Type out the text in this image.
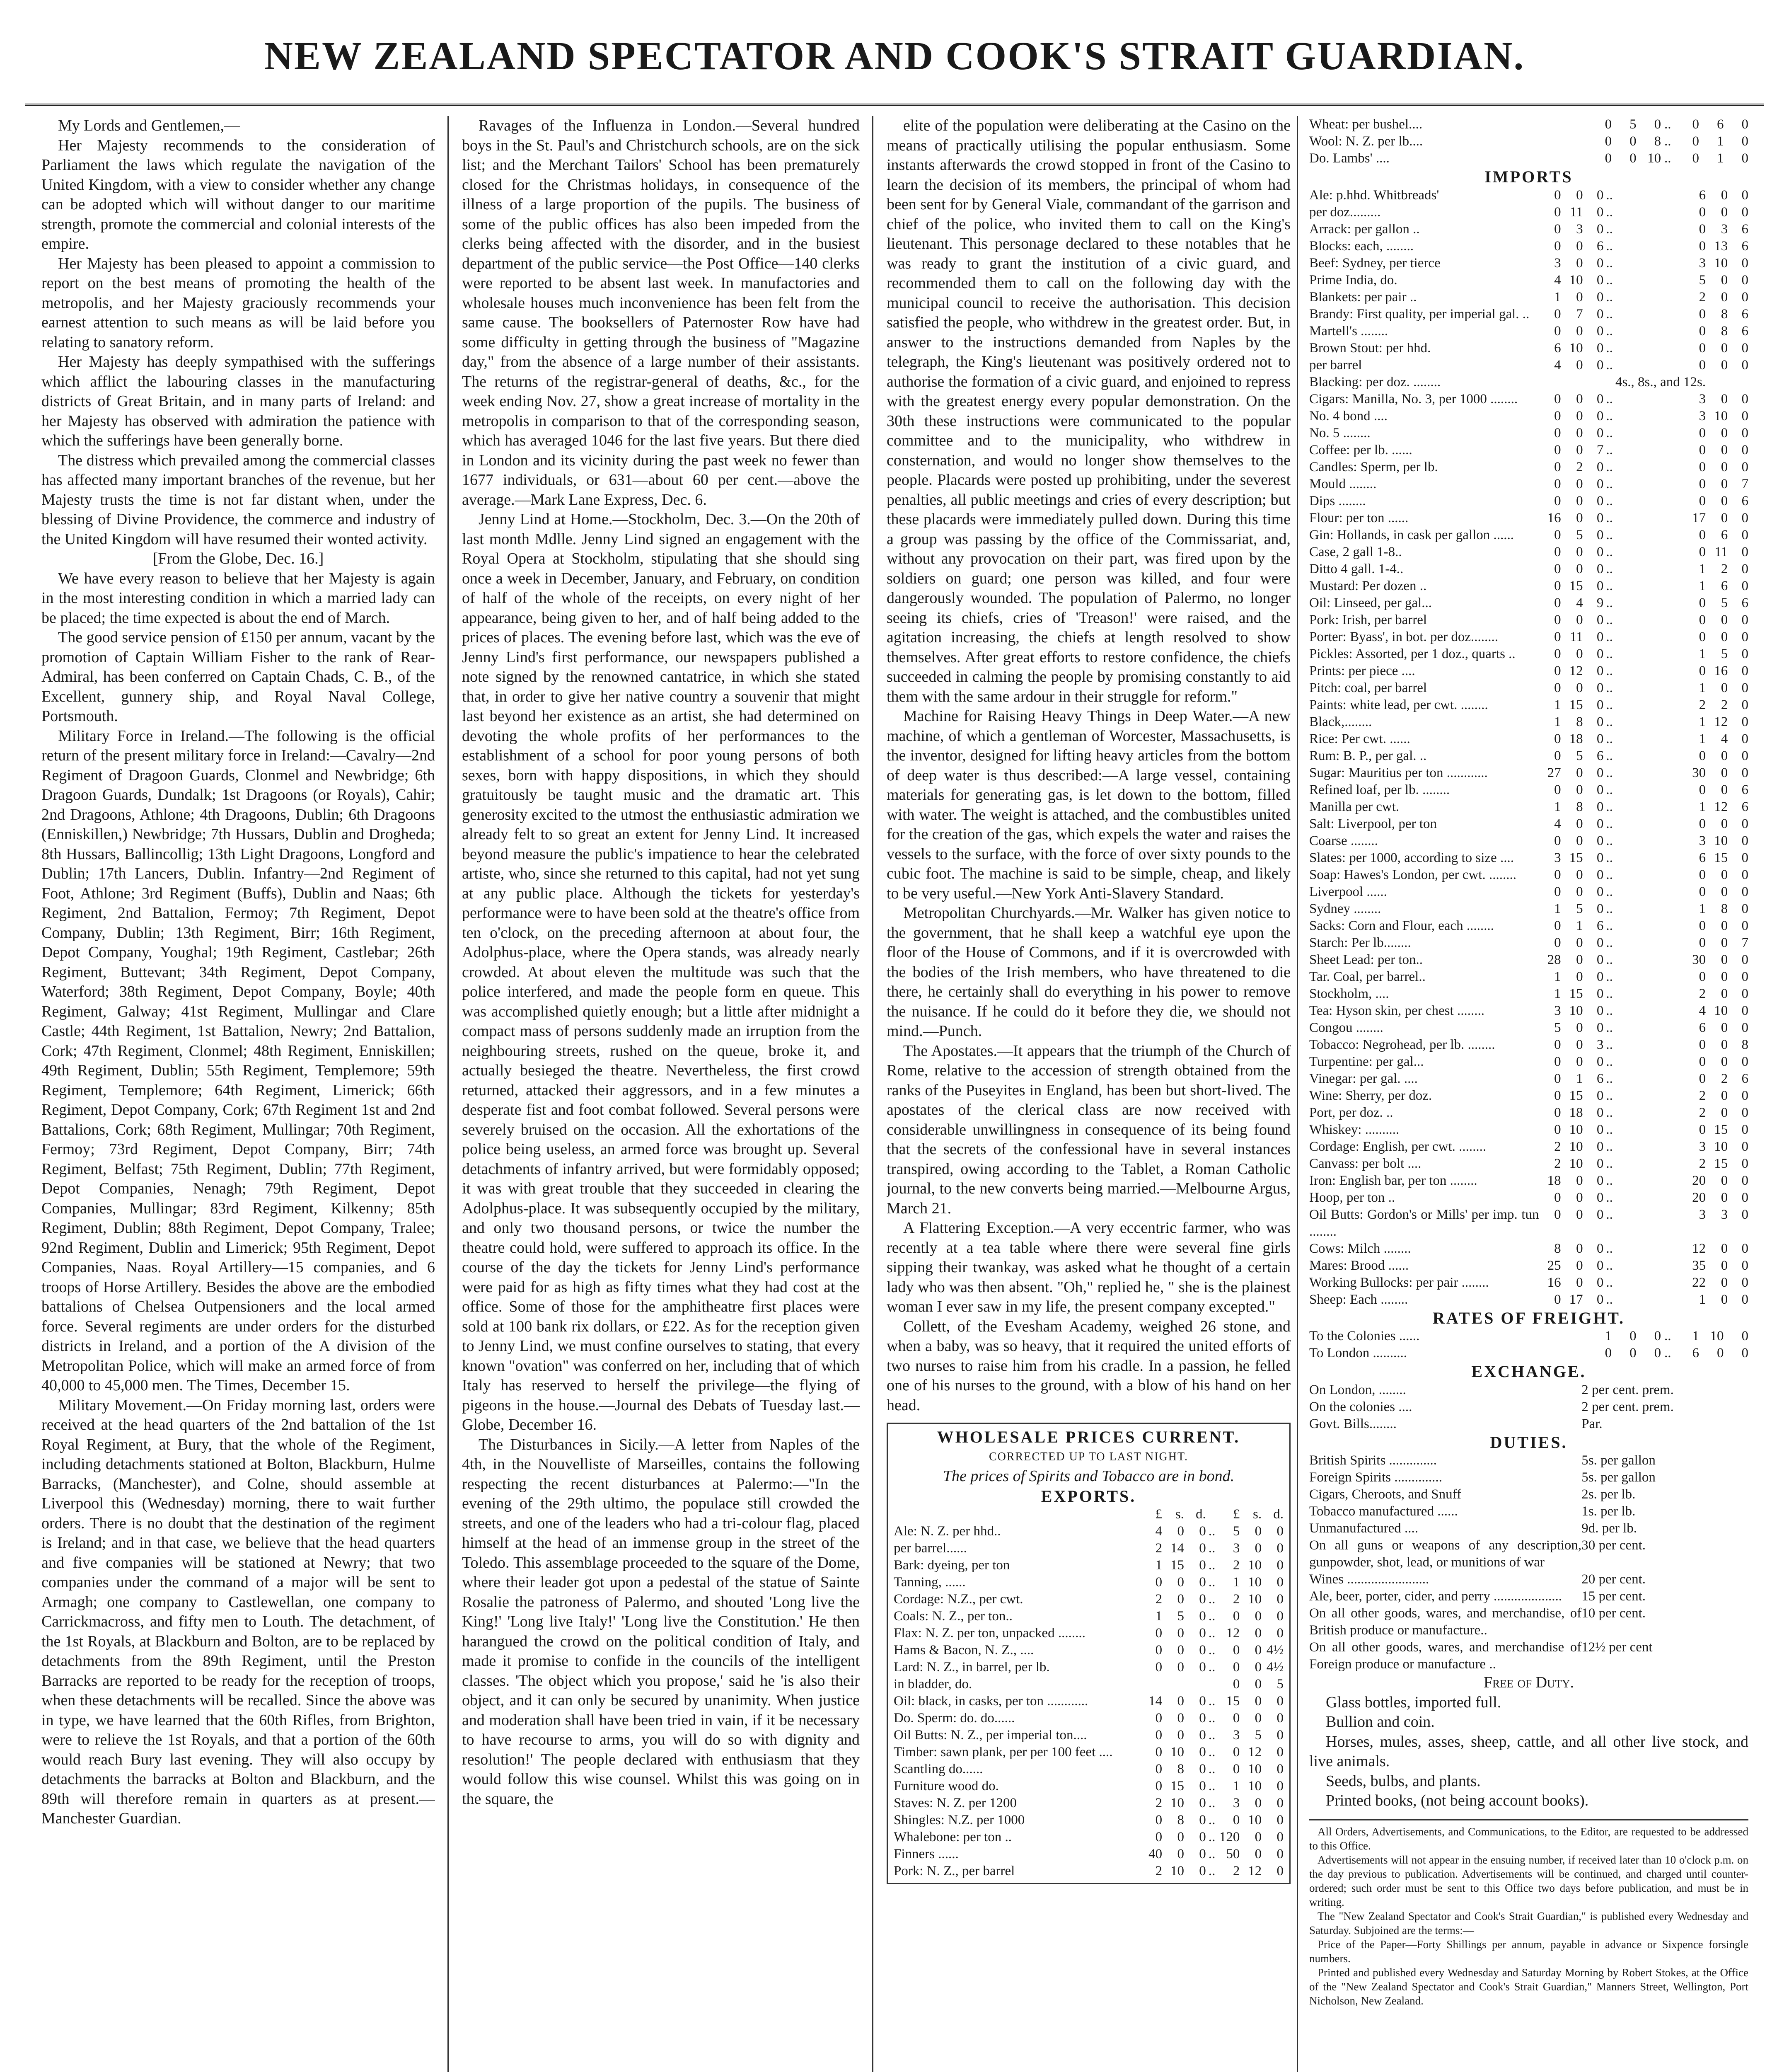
NEW ZEALAND SPECTATOR AND COOK'S STRAIT GUARDIAN.

My Lords and Gentlemen,—

Her Majesty recommends to the consideration of Parliament the laws which regulate the navigation of the United Kingdom, with a view to consider whether any change can be adopted which will without danger to our maritime strength, promote the commercial and colonial interests of the empire.

Her Majesty has been pleased to appoint a commission to report on the best means of promoting the health of the metropolis, and her Majesty graciously recommends your earnest attention to such means as will be laid before you relating to sanatory reform.

Her Majesty has deeply sympathised with the sufferings which afflict the labouring classes in the manufacturing districts of Great Britain, and in many parts of Ireland: and her Majesty has observed with admiration the patience with which the sufferings have been generally borne.

The distress which prevailed among the commercial classes has affected many important branches of the revenue, but her Majesty trusts the time is not far distant when, under the blessing of Divine Providence, the commerce and industry of the United Kingdom will have resumed their wonted activity.

[From the Globe, Dec. 16.]

We have every reason to believe that her Majesty is again in the most interesting condition in which a married lady can be placed; the time expected is about the end of March.

The good service pension of £150 per annum, vacant by the promotion of Captain William Fisher to the rank of Rear-Admiral, has been conferred on Captain Chads, C. B., of the Excellent, gunnery ship, and Royal Naval College, Portsmouth.

Military Force in Ireland.—The following is the official return of the present military force in Ireland:—Cavalry—2nd Regiment of Dragoon Guards, Clonmel and Newbridge; 6th Dragoon Guards, Dundalk; 1st Dragoons (or Royals), Cahir; 2nd Dragoons, Athlone; 4th Dragoons, Dublin; 6th Dragoons (Enniskillen,) Newbridge; 7th Hussars, Dublin and Drogheda; 8th Hussars, Ballincollig; 13th Light Dragoons, Longford and Dublin; 17th Lancers, Dublin. Infantry—2nd Regiment of Foot, Athlone; 3rd Regiment (Buffs), Dublin and Naas; 6th Regiment, 2nd Battalion, Fermoy; 7th Regiment, Depot Company, Dublin; 13th Regiment, Birr; 16th Regiment, Depot Company, Youghal; 19th Regiment, Castlebar; 26th Regiment, Buttevant; 34th Regiment, Depot Company, Waterford; 38th Regiment, Depot Company, Boyle; 40th Regiment, Galway; 41st Regiment, Mullingar and Clare Castle; 44th Regiment, 1st Battalion, Newry; 2nd Battalion, Cork; 47th Regiment, Clonmel; 48th Regiment, Enniskillen; 49th Regiment, Dublin; 55th Regiment, Templemore; 59th Regiment, Templemore; 64th Regiment, Limerick; 66th Regiment, Depot Company, Cork; 67th Regiment 1st and 2nd Battalions, Cork; 68th Regiment, Mullingar; 70th Regiment, Fermoy; 73rd Regiment, Depot Company, Birr; 74th Regiment, Belfast; 75th Regiment, Dublin; 77th Regiment, Depot Companies, Nenagh; 79th Regiment, Depot Companies, Mullingar; 83rd Regiment, Kilkenny; 85th Regiment, Dublin; 88th Regiment, Depot Company, Tralee; 92nd Regiment, Dublin and Limerick; 95th Regiment, Depot Companies, Naas. Royal Artillery—15 companies, and 6 troops of Horse Artillery. Besides the above are the embodied battalions of Chelsea Outpensioners and the local armed force. Several regiments are under orders for the disturbed districts in Ireland, and a portion of the A division of the Metropolitan Police, which will make an armed force of from 40,000 to 45,000 men. The Times, December 15.

Military Movement.—On Friday morning last, orders were received at the head quarters of the 2nd battalion of the 1st Royal Regiment, at Bury, that the whole of the Regiment, including detachments stationed at Bolton, Blackburn, Hulme Barracks, (Manchester), and Colne, should assemble at Liverpool this (Wednesday) morning, there to wait further orders. There is no doubt that the destination of the regiment is Ireland; and in that case, we believe that the head quarters and five companies will be stationed at Newry; that two companies under the command of a major will be sent to Armagh; one company to Castlewellan, one company to Carrickmacross, and fifty men to Louth. The detachment, of the 1st Royals, at Blackburn and Bolton, are to be replaced by detachments from the 89th Regiment, until the Preston Barracks are reported to be ready for the reception of troops, when these detachments will be recalled. Since the above was in type, we have learned that the 60th Rifles, from Brighton, were to relieve the 1st Royals, and that a portion of the 60th would reach Bury last evening. They will also occupy by detachments the barracks at Bolton and Blackburn, and the 89th will therefore remain in quarters as at present.—Manchester Guardian.

Ravages of the Influenza in London.—Several hundred boys in the St. Paul's and Christchurch schools, are on the sick list; and the Merchant Tailors' School has been prematurely closed for the Christmas holidays, in consequence of the illness of a large proportion of the pupils. The business of some of the public offices has also been impeded from the clerks being affected with the disorder, and in the busiest department of the public service—the Post Office—140 clerks were reported to be absent last week. In manufactories and wholesale houses much inconvenience has been felt from the same cause. The booksellers of Paternoster Row have had some difficulty in getting through the business of "Magazine day," from the absence of a large number of their assistants. The returns of the registrar-general of deaths, &c., for the week ending Nov. 27, show a great increase of mortality in the metropolis in comparison to that of the corresponding season, which has averaged 1046 for the last five years. But there died in London and its vicinity during the past week no fewer than 1677 individuals, or 631—about 60 per cent.—above the average.—Mark Lane Express, Dec. 6.

Jenny Lind at Home.—Stockholm, Dec. 3.—On the 20th of last month Mdlle. Jenny Lind signed an engagement with the Royal Opera at Stockholm, stipulating that she should sing once a week in December, January, and February, on condition of half of the whole of the receipts, on every night of her appearance, being given to her, and of half being added to the prices of places. The evening before last, which was the eve of Jenny Lind's first performance, our newspapers published a note signed by the renowned cantatrice, in which she stated that, in order to give her native country a souvenir that might last beyond her existence as an artist, she had determined on devoting the whole profits of her performances to the establishment of a school for poor young persons of both sexes, born with happy dispositions, in which they should gratuitously be taught music and the dramatic art. This generosity excited to the utmost the enthusiastic admiration we already felt to so great an extent for Jenny Lind. It increased beyond measure the public's impatience to hear the celebrated artiste, who, since she returned to this capital, had not yet sung at any public place. Although the tickets for yesterday's performance were to have been sold at the theatre's office from ten o'clock, on the preceding afternoon at about four, the Adolphus-place, where the Opera stands, was already nearly crowded. At about eleven the multitude was such that the police interfered, and made the people form en queue. This was accomplished quietly enough; but a little after midnight a compact mass of persons suddenly made an irruption from the neighbouring streets, rushed on the queue, broke it, and actually besieged the theatre. Nevertheless, the first crowd returned, attacked their aggressors, and in a few minutes a desperate fist and foot combat followed. Several persons were severely bruised on the occasion. All the exhortations of the police being useless, an armed force was brought up. Several detachments of infantry arrived, but were formidably opposed; it was with great trouble that they succeeded in clearing the Adolphus-place. It was subsequently occupied by the military, and only two thousand persons, or twice the number the theatre could hold, were suffered to approach its office. In the course of the day the tickets for Jenny Lind's performance were paid for as high as fifty times what they had cost at the office. Some of those for the amphitheatre first places were sold at 100 bank rix dollars, or £22. As for the reception given to Jenny Lind, we must confine ourselves to stating, that every known "ovation" was conferred on her, including that of which Italy has reserved to herself the privilege—the flying of pigeons in the house.—Journal des Debats of Tuesday last.—Globe, December 16.

The Disturbances in Sicily.—A letter from Naples of the 4th, in the Nouvelliste of Marseilles, contains the following respecting the recent disturbances at Palermo:—"In the evening of the 29th ultimo, the populace still crowded the streets, and one of the leaders who had a tri-colour flag, placed himself at the head of an immense group in the street of the Toledo. This assemblage proceeded to the square of the Dome, where their leader got upon a pedestal of the statue of Sainte Rosalie the patroness of Palermo, and shouted 'Long live the King!' 'Long live Italy!' 'Long live the Constitution.' He then harangued the crowd on the political condition of Italy, and made it promise to confide in the councils of the intelligent classes. 'The object which you propose,' said he 'is also their object, and it can only be secured by unanimity. When justice and moderation shall have been tried in vain, if it be necessary to have recourse to arms, you will do so with dignity and resolution!' The people declared with enthusiasm that they would follow this wise counsel. Whilst this was going on in the square, the

elite of the population were deliberating at the Casino on the means of practically utilising the popular enthusiasm. Some instants afterwards the crowd stopped in front of the Casino to learn the decision of its members, the principal of whom had been sent for by General Viale, commandant of the garrison and chief of the police, who invited them to call on the King's lieutenant. This personage declared to these notables that he was ready to grant the institution of a civic guard, and recommended them to call on the following day with the municipal council to receive the authorisation. This decision satisfied the people, who withdrew in the greatest order. But, in answer to the instructions demanded from Naples by the telegraph, the King's lieutenant was positively ordered not to authorise the formation of a civic guard, and enjoined to repress with the greatest energy every popular demonstration. On the 30th these instructions were communicated to the popular committee and to the municipality, who withdrew in consternation, and would no longer show themselves to the people. Placards were posted up prohibiting, under the severest penalties, all public meetings and cries of every description; but these placards were immediately pulled down. During this time a group was passing by the office of the Commissariat, and, without any provocation on their part, was fired upon by the soldiers on guard; one person was killed, and four were dangerously wounded. The population of Palermo, no longer seeing its chiefs, cries of 'Treason!' were raised, and the agitation increasing, the chiefs at length resolved to show themselves. After great efforts to restore confidence, the chiefs succeeded in calming the people by promising constantly to aid them with the same ardour in their struggle for reform."

Machine for Raising Heavy Things in Deep Water.—A new machine, of which a gentleman of Worcester, Massachusetts, is the inventor, designed for lifting heavy articles from the bottom of deep water is thus described:—A large vessel, containing materials for generating gas, is let down to the bottom, filled with water. The weight is attached, and the combustibles united for the creation of the gas, which expels the water and raises the vessels to the surface, with the force of over sixty pounds to the cubic foot. The machine is said to be simple, cheap, and likely to be very useful.—New York Anti-Slavery Standard.

Metropolitan Churchyards.—Mr. Walker has given notice to the government, that he shall keep a watchful eye upon the floor of the House of Commons, and if it is overcrowded with the bodies of the Irish members, who have threatened to die there, he certainly shall do everything in his power to remove the nuisance. If he could do it before they die, we should not mind.—Punch.

The Apostates.—It appears that the triumph of the Church of Rome, relative to the accession of strength obtained from the ranks of the Puseyites in England, has been but short-lived. The apostates of the clerical class are now received with considerable unwillingness in consequence of its being found that the secrets of the confessional have in several instances transpired, owing according to the Tablet, a Roman Catholic journal, to the new converts being married.—Melbourne Argus, March 21.

A Flattering Exception.—A very eccentric farmer, who was recently at a tea table where there were several fine girls sipping their twankay, was asked what he thought of a certain lady who was then absent. "Oh," replied he, " she is the plainest woman I ever saw in my life, the present company excepted."

Collett, of the Evesham Academy, weighed 26 stone, and when a baby, was so heavy, that it required the united efforts of two nurses to raise him from his cradle. In a passion, he felled one of his nurses to the ground, with a blow of his hand on her head.

WHOLESALE PRICES CURRENT.

CORRECTED UP TO LAST NIGHT.

The prices of Spirits and Tobacco are in bond.

EXPORTS.

	£	s.	d.		£	s.	d.
Ale: N. Z. per hhd..	4	0	0	..	5	0	0
per barrel......	2	14	0	..	3	0	0
Bark: dyeing, per ton	1	15	0	..	2	10	0
Tanning, ......	0	0	0	..	1	10	0
Cordage: N.Z., per cwt.	2	0	0	..	2	10	0
Coals: N. Z., per ton..	1	5	0	..	0	0	0
Flax: N. Z. per ton, unpacked ........	0	0	0	..	12	0	0
Hams & Bacon, N. Z., ....	0	0	0	..	0	0	4½
Lard: N. Z., in barrel, per lb.	0	0	0	..	0	0	4½
in bladder, do.					0	0	5
Oil: black, in casks, per ton ............	14	0	0	..	15	0	0
Do. Sperm: do. do......	0	0	0	..	0	0	0
Oil Butts: N. Z., per imperial ton....	0	0	0	..	3	5	0
Timber: sawn plank, per per 100 feet ....	0	10	0	..	0	12	0
Scantling do......	0	8	0	..	0	10	0
Furniture wood do.	0	15	0	..	1	10	0
Staves: N. Z. per 1200	2	10	0	..	3	0	0
Shingles: N.Z. per 1000	0	8	0	..	0	10	0
Whalebone: per ton ..	0	0	0	..	120	0	0
Finners ......	40	0	0	..	50	0	0
Pork: N. Z., per barrel	2	10	0	..	2	12	0
Wheat: per bushel....	0	5	0	..	0	6	0
Wool: N. Z. per lb....	0	0	8	..	0	1	0
Do. Lambs' ....	0	0	10	..	0	1	0

IMPORTS

Ale: p.hhd. Whitbreads'	0	0	0	..	6	0	0
per doz.........	0	11	0	..	0	0	0
Arrack: per gallon ..	0	3	0	..	0	3	6
Blocks: each, ........	0	0	6	..	0	13	6
Beef: Sydney, per tierce	3	0	0	..	3	10	0
Prime India, do.	4	10	0	..	5	0	0
Blankets: per pair ..	1	0	0	..	2	0	0
Brandy: First quality, per imperial gal. ..	0	7	0	..	0	8	6
Martell's ........	0	0	0	..	0	8	6
Brown Stout: per hhd.	6	10	0	..	0	0	0
per barrel	4	0	0	..	0	0	0
Blacking: per doz. ........					4s., 8s., and 12s.		
Cigars: Manilla, No. 3, per 1000 ........	0	0	0	..	3	0	0
No. 4 bond ....	0	0	0	..	3	10	0
No. 5 ........	0	0	0	..	0	0	0
Coffee: per lb. ......	0	0	7	..	0	0	0
Candles: Sperm, per lb.	0	2	0	..	0	0	0
Mould ........	0	0	0	..	0	0	7
Dips ........	0	0	0	..	0	0	6
Flour: per ton ......	16	0	0	..	17	0	0
Gin: Hollands, in cask per gallon ......	0	5	0	..	0	6	0
Case, 2 gall 1-8..	0	0	0	..	0	11	0
Ditto 4 gall. 1-4..	0	0	0	..	1	2	0
Mustard: Per dozen ..	0	15	0	..	1	6	0
Oil: Linseed, per gal...	0	4	9	..	0	5	6
Pork: Irish, per barrel	0	0	0	..	0	0	0
Porter: Byass', in bot. per doz........	0	11	0	..	0	0	0
Pickles: Assorted, per 1 doz., quarts ..	0	0	0	..	1	5	0
Prints: per piece ....	0	12	0	..	0	16	0
Pitch: coal, per barrel	0	0	0	..	1	0	0
Paints: white lead, per cwt. ........	1	15	0	..	2	2	0
Black,........	1	8	0	..	1	12	0
Rice: Per cwt. ......	0	18	0	..	1	4	0
Rum: B. P., per gal. ..	0	5	6	..	0	0	0
Sugar: Mauritius per ton ............	27	0	0	..	30	0	0
Refined loaf, per lb. ........	0	0	0	..	0	0	6
Manilla per cwt.	1	8	0	..	1	12	6
Salt: Liverpool, per ton	4	0	0	..	0	0	0
Coarse ........	0	0	0	..	3	10	0
Slates: per 1000, according to size ....	3	15	0	..	6	15	0
Soap: Hawes's London, per cwt. ........	0	0	0	..	0	0	0
Liverpool ......	0	0	0	..	0	0	0
Sydney ........	1	5	0	..	1	8	0
Sacks: Corn and Flour, each ........	0	1	6	..	0	0	0
Starch: Per lb........	0	0	0	..	0	0	7
Sheet Lead: per ton..	28	0	0	..	30	0	0
Tar. Coal, per barrel..	1	0	0	..	0	0	0
Stockholm, ....	1	15	0	..	2	0	0
Tea: Hyson skin, per chest ........	3	10	0	..	4	10	0
Congou ........	5	0	0	..	6	0	0
Tobacco: Negrohead, per lb. ........	0	0	3	..	0	0	8
Turpentine: per gal...	0	0	0	..	0	0	0
Vinegar: per gal. ....	0	1	6	..	0	2	6
Wine: Sherry, per doz.	0	15	0	..	2	0	0
Port, per doz. ..	0	18	0	..	2	0	0
Whiskey: ..........	0	10	0	..	0	15	0
Cordage: English, per cwt. ........	2	10	0	..	3	10	0
Canvass: per bolt ....	2	10	0	..	2	15	0
Iron: English bar, per ton ........	18	0	0	..	20	0	0
Hoop, per ton ..	0	0	0	..	20	0	0
Oil Butts: Gordon's or Mills' per imp. tun ........	0	0	0	..	3	3	0
Cows: Milch ........	8	0	0	..	12	0	0
Mares: Brood ......	25	0	0	..	35	0	0
Working Bullocks: per pair ........	16	0	0	..	22	0	0
Sheep: Each ........	0	17	0	..	1	0	0

RATES OF FREIGHT.

To the Colonies ......	1	0	0	..	1	10	0
To London ..........	0	0	0	..	6	0	0

EXCHANGE.

On London, ........	2 per cent. prem.
On the colonies ....	2 per cent. prem.
Govt. Bills........	Par.

DUTIES.

British Spirits ..............	5s. per gallon
Foreign Spirits ..............	5s. per gallon
Cigars, Cheroots, and Snuff	2s. per lb.
Tobacco manufactured ......	1s. per lb.
Unmanufactured ....	9d. per lb.
On all guns or weapons of any description, gunpowder, shot, lead, or munitions of war	30 per cent.
Wines ........................	20 per cent.
Ale, beer, porter, cider, and perry ....................	15 per cent.
On all other goods, wares, and merchandise, of British produce or manufacture..	10 per cent.
On all other goods, wares, and merchandise of Foreign produce or manufacture ..	12½ per cent

Free of Duty.

Glass bottles, imported full.

Bullion and coin.

Horses, mules, asses, sheep, cattle, and all other live stock, and live animals.

Seeds, bulbs, and plants.

Printed books, (not being account books).

All Orders, Advertisements, and Communications, to the Editor, are requested to be addressed to this Office.

Advertisements will not appear in the ensuing number, if received later than 10 o'clock p.m. on the day previous to publication. Advertisements will be continued, and charged until counter-ordered; such order must be sent to this Office two days before publication, and must be in writing.

The "New Zealand Spectator and Cook's Strait Guardian," is published every Wednesday and Saturday. Subjoined are the terms:—

Price of the Paper—Forty Shillings per annum, payable in advance or Sixpence forsingle numbers.

Printed and published every Wednesday and Saturday Morning by Robert Stokes, at the Office of the "New Zealand Spectator and Cook's Strait Guardian," Manners Street, Wellington, Port Nicholson, New Zealand.
